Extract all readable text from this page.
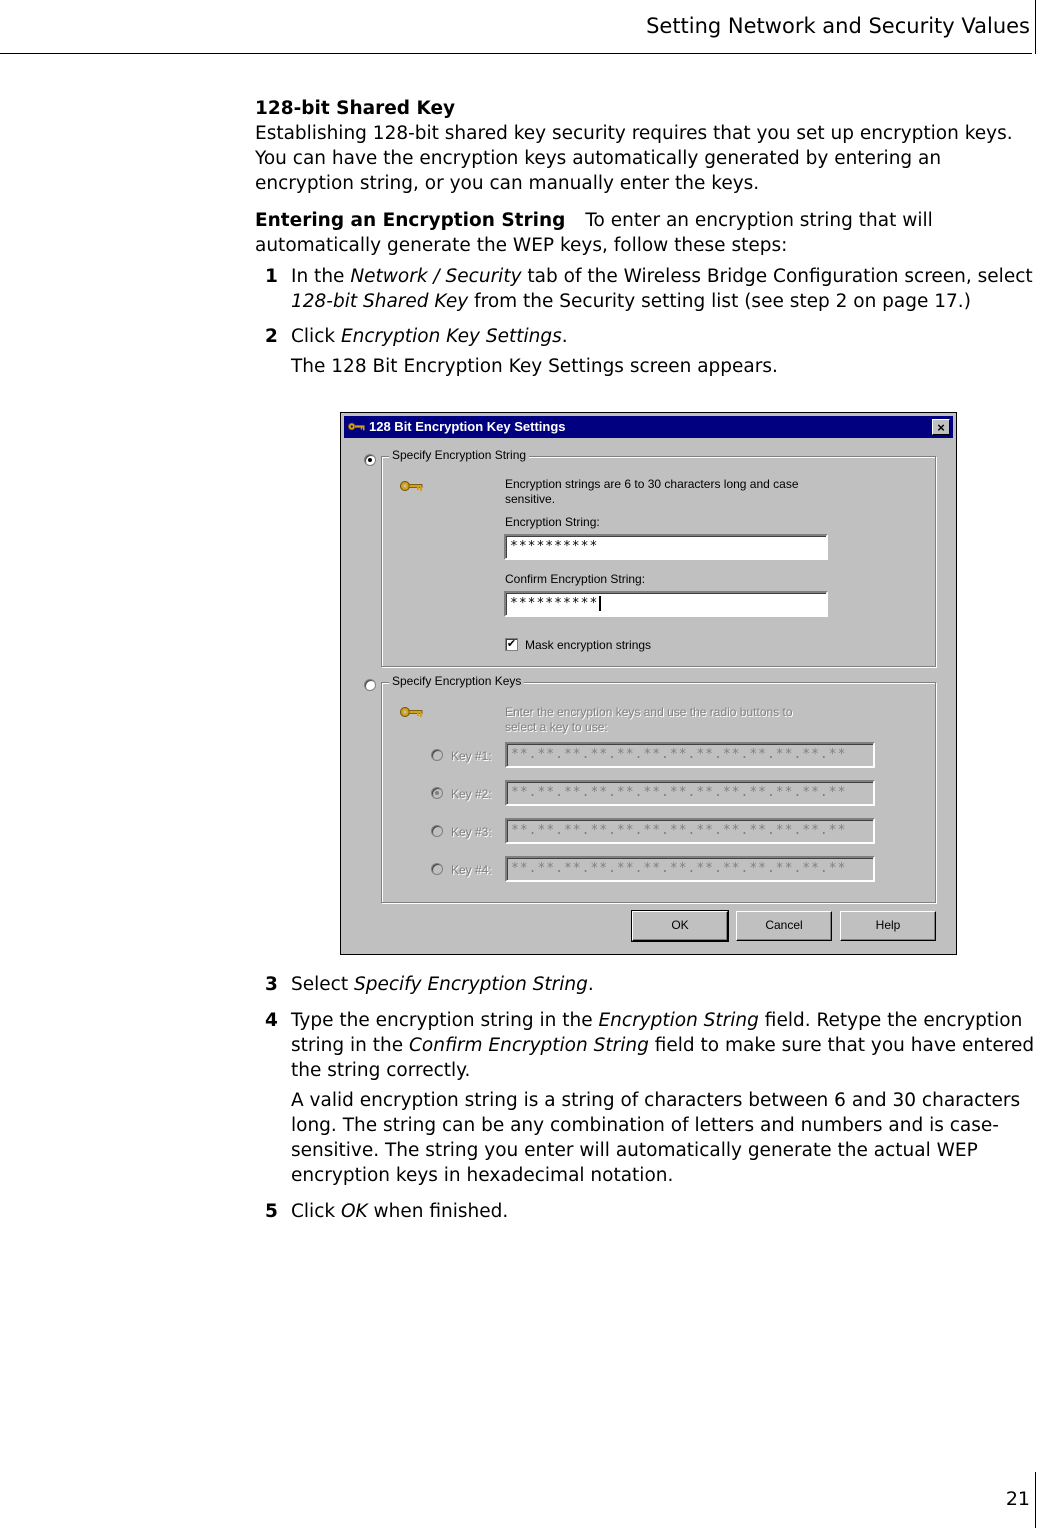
Setting Network and Security Values

128-bit Shared Key

Establishing 128-bit shared key security requires that you set up encryption keys. You can have the encryption keys automatically generated by entering an encryption string, or you can manually enter the keys.

Entering an Encryption String To enter an encryption string that will automatically generate the WEP keys, follow these steps:

1 In the Network / Security tab of the Wireless Bridge Configuration screen, select 128-bit Shared Key from the Security setting list (see step 2 on page 17.)
2 Click Encryption Key Settings.

The 128 Bit Encryption Key Settings screen appears.

3 Select Specify Encryption String.
4 Type the encryption string in the Encryption String field. Retype the encryption string in the Confirm Encryption String field to make sure that you have entered the string correctly.

A valid encryption string is a string of characters between 6 and 30 characters long. The string can be any combination of letters and numbers and is case-sensitive. The string you enter will automatically generate the actual WEP encryption keys in hexadecimal notation.

5 Click OK when finished.
128 Bit Encryption Key Settings	×
Specify Encryption String
Encryption strings are 6 to 30 characters long and case sensitive.
Encryption String:
**********
Confirm Encryption String:
**********
✔ Mask encryption strings
Specify Encryption Keys
Enter the encryption keys and use the radio buttons to select a key to use:
Key #1:	**.**.**.**.**.**.**.**.**.**.**.**.**
Key #2:	**.**.**.**.**.**.**.**.**.**.**.**.**
Key #3:	**.**.**.**.**.**.**.**.**.**.**.**.**
Key #4:	**.**.**.**.**.**.**.**.**.**.**.**.**
OK	Cancel	Help
21
